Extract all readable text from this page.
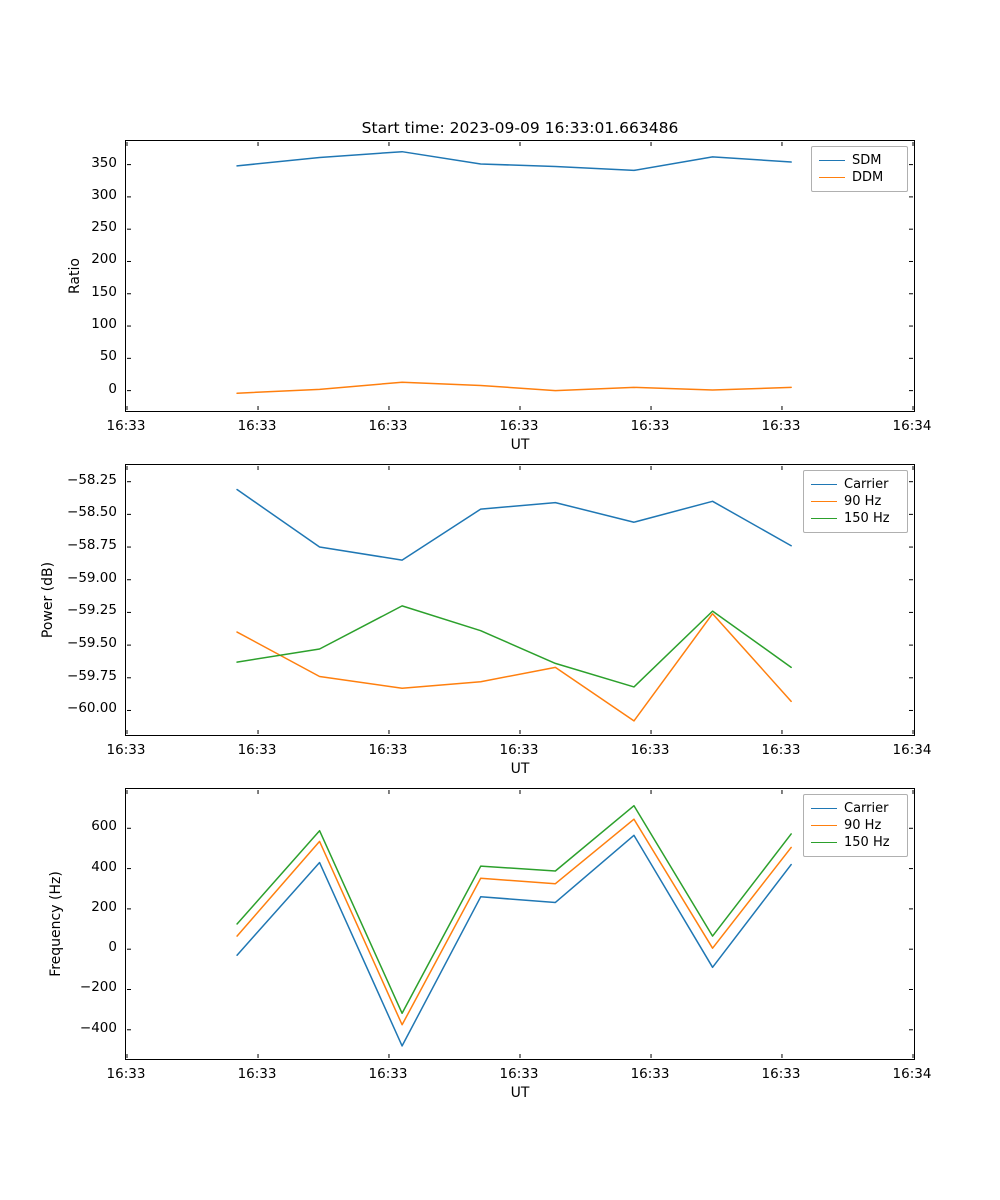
Start time: 2023-09-09 16:33:01.663486
Ratio
UT
SDM
DDM
Power (dB)
UT
Carrier
90 Hz
150 Hz
Frequency (Hz)
UT
Carrier
90 Hz
150 Hz
16:33	16:33	16:33	16:33	16:33	16:33	16:34
0
50
100
150
200
250
300
350
16:33	16:33	16:33	16:33	16:33	16:33	16:34
−58.25
−58.50
−58.75
−59.00
−59.25
−59.50
−59.75
−60.00
16:33	16:33	16:33	16:33	16:33	16:33	16:34
−400
−200
0
200
400
600
